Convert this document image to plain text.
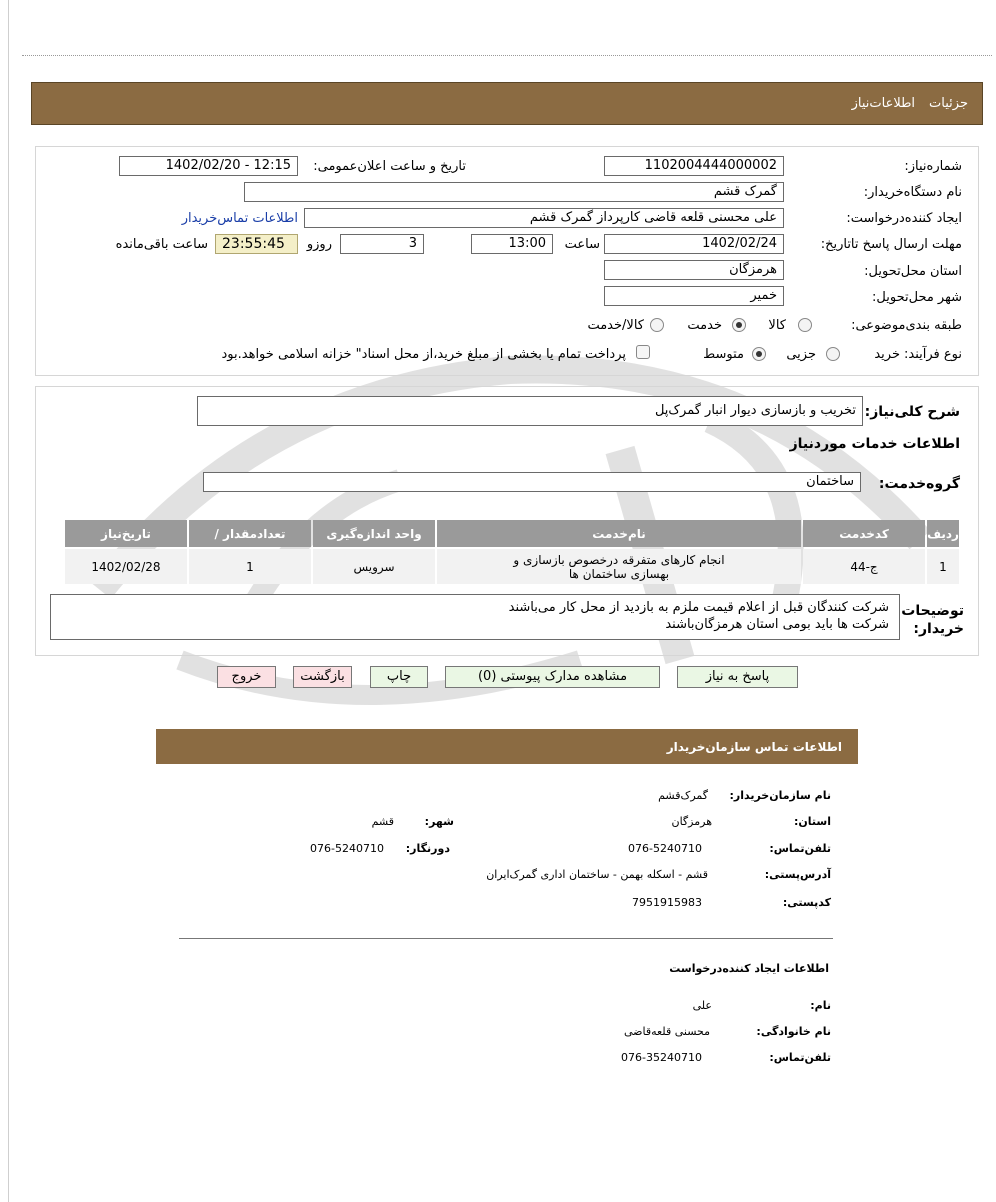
جزئیات
اطلاعات‌نیاز
شماره‌نیاز:
1102004444000002
تاریخ و ساعت اعلان‌عمومی:
1402/02/20 - 12:15
نام دستگاه‌خریدار:
گمرک قشم
ایجاد کننده‌درخواست:
علی محسنی قلعه قاضی کارپرداز گمرک قشم
اطلاعات تماس‌خریدار
مهلت ارسال پاسخ تا‌تاریخ:
1402/02/24
ساعت
13:00
3
روزو
23:55:45
ساعت باقی‌مانده
استان محل‌تحویل:
هرمزگان
شهر محل‌تحویل:
خمیر
طبقه بندی‌موضوعی:
کالا
خدمت
کالا/خدمت
نوع فرآیند:
خرید
جزیی
متوسط
پرداخت تمام یا بخشی از مبلغ خرید،از محل اسناد" خزانه اسلامی خواهد.بود
شرح کلی‌نیاز:
تخریب و بازسازی دیوار انبار گمرک‌پل
اطلاعات خدمات موردنیاز
گروه‌خدمت:
ساختمان
ردیف	کدخدمت	نام‌خدمت	واحد اندازه‌گیری	تعداد‌مقدار /	تاریخ‌نیاز
1	ج-44	انجام کارهای متفرقه درخصوص بازسازی و بهسازی ساختمان ها	سرویس	1	1402/02/28
توضیحات خریدار:
شرکت کنندگان قبل از اعلام قیمت ملزم به بازدید از محل کار می‌باشند
شرکت ها باید بومی استان هرمزگان‌باشند
پاسخ به نیاز
مشاهده مدارک پیوستی (0)
چاپ
بازگشت
خروج
اطلاعات تماس سازمان‌خریدار
نام سازمان‌خریدار:
گمرک‌قشم
استان:
هرمزگان
شهر:
قشم
تلفن‌تماس:
076-5240710
دورنگار:
076-5240710
آدرس‌پستی:
قشم - اسکله بهمن - ساختمان اداری گمرک‌ایران
کد‌پستی:
7951915983
اطلاعات ایجاد کننده‌درخواست
نام:
علی
نام خانوادگی:
محسنی قلعه‌قاضی
تلفن‌تماس:
076-35240710
